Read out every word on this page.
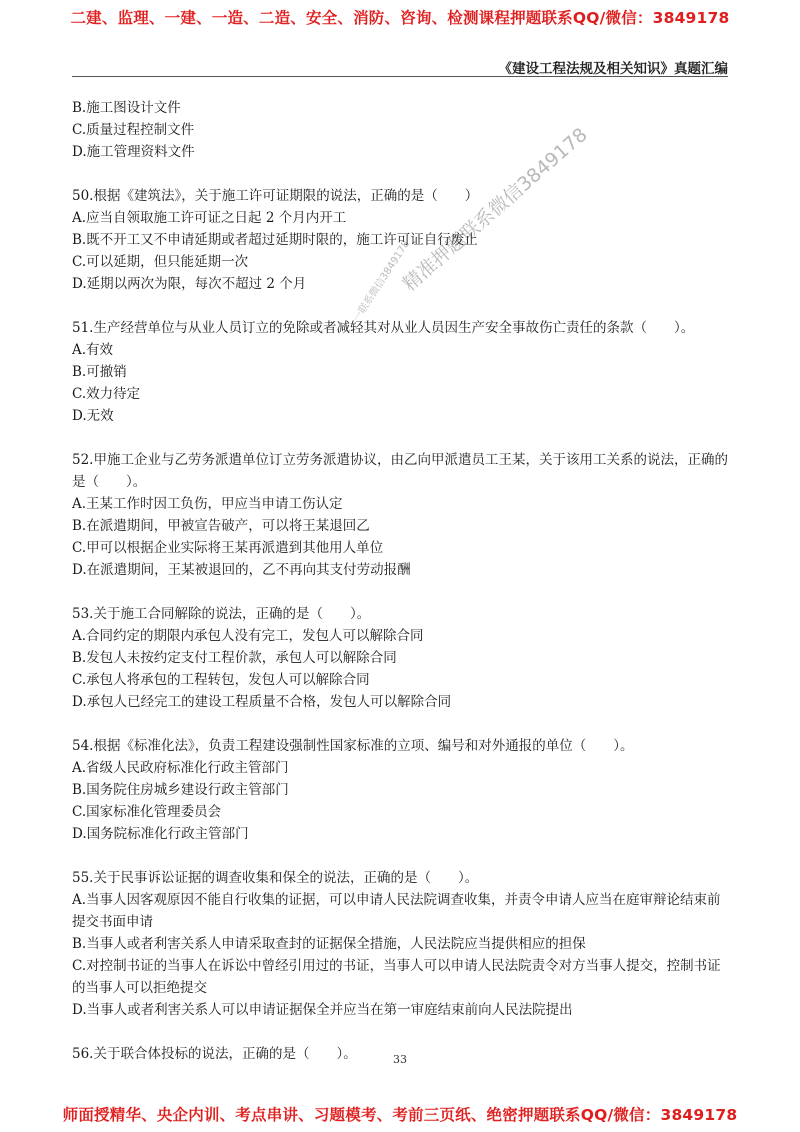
二建、监理、一建、一造、二造、安全、消防、咨询、检测课程押题联系QQ/微信：3849178
《建设工程法规及相关知识》真题汇编
B.施工图设计文件
C.质量过程控制文件
D.施工管理资料文件
50.根据《建筑法》，关于施工许可证期限的说法，正确的是（　　）
A.应当自领取施工许可证之日起 2 个月内开工
B.既不开工又不申请延期或者超过延期时限的，施工许可证自行废止
C.可以延期，但只能延期一次
D.延期以两次为限，每次不超过 2 个月
51.生产经营单位与从业人员订立的免除或者减轻其对从业人员因生产安全事故伤亡责任的条款（　　）。
A.有效
B.可撤销
C.效力待定
D.无效
52.甲施工企业与乙劳务派遣单位订立劳务派遣协议，由乙向甲派遣员工王某，关于该用工关系的说法，正确的是（　　）。
A.王某工作时因工负伤，甲应当申请工伤认定
B.在派遣期间，甲被宣告破产，可以将王某退回乙
C.甲可以根据企业实际将王某再派遣到其他用人单位
D.在派遣期间，王某被退回的，乙不再向其支付劳动报酬
53.关于施工合同解除的说法，正确的是（　　）。
A.合同约定的期限内承包人没有完工，发包人可以解除合同
B.发包人未按约定支付工程价款，承包人可以解除合同
C.承包人将承包的工程转包，发包人可以解除合同
D.承包人已经完工的建设工程质量不合格，发包人可以解除合同
54.根据《标准化法》，负责工程建设强制性国家标准的立项、编号和对外通报的单位（　　）。
A.省级人民政府标准化行政主管部门
B.国务院住房城乡建设行政主管部门
C.国家标准化管理委员会
D.国务院标准化行政主管部门
55.关于民事诉讼证据的调查收集和保全的说法，正确的是（　　）。
A.当事人因客观原因不能自行收集的证据，可以申请人民法院调查收集，并责令申请人应当在庭审辩论结束前提交书面申请
B.当事人或者利害关系人申请采取查封的证据保全措施，人民法院应当提供相应的担保
C.对控制书证的当事人在诉讼中曾经引用过的书证，当事人可以申请人民法院责令对方当事人提交，控制书证的当事人可以拒绝提交
D.当事人或者利害关系人可以申请证据保全并应当在第一审庭结束前向人民法院提出
56.关于联合体投标的说法，正确的是（　　）。
精准押题联系微信3849178
一联系微信3849178
33
师面授精华、央企内训、考点串讲、习题模考、考前三页纸、绝密押题联系QQ/微信：3849178
